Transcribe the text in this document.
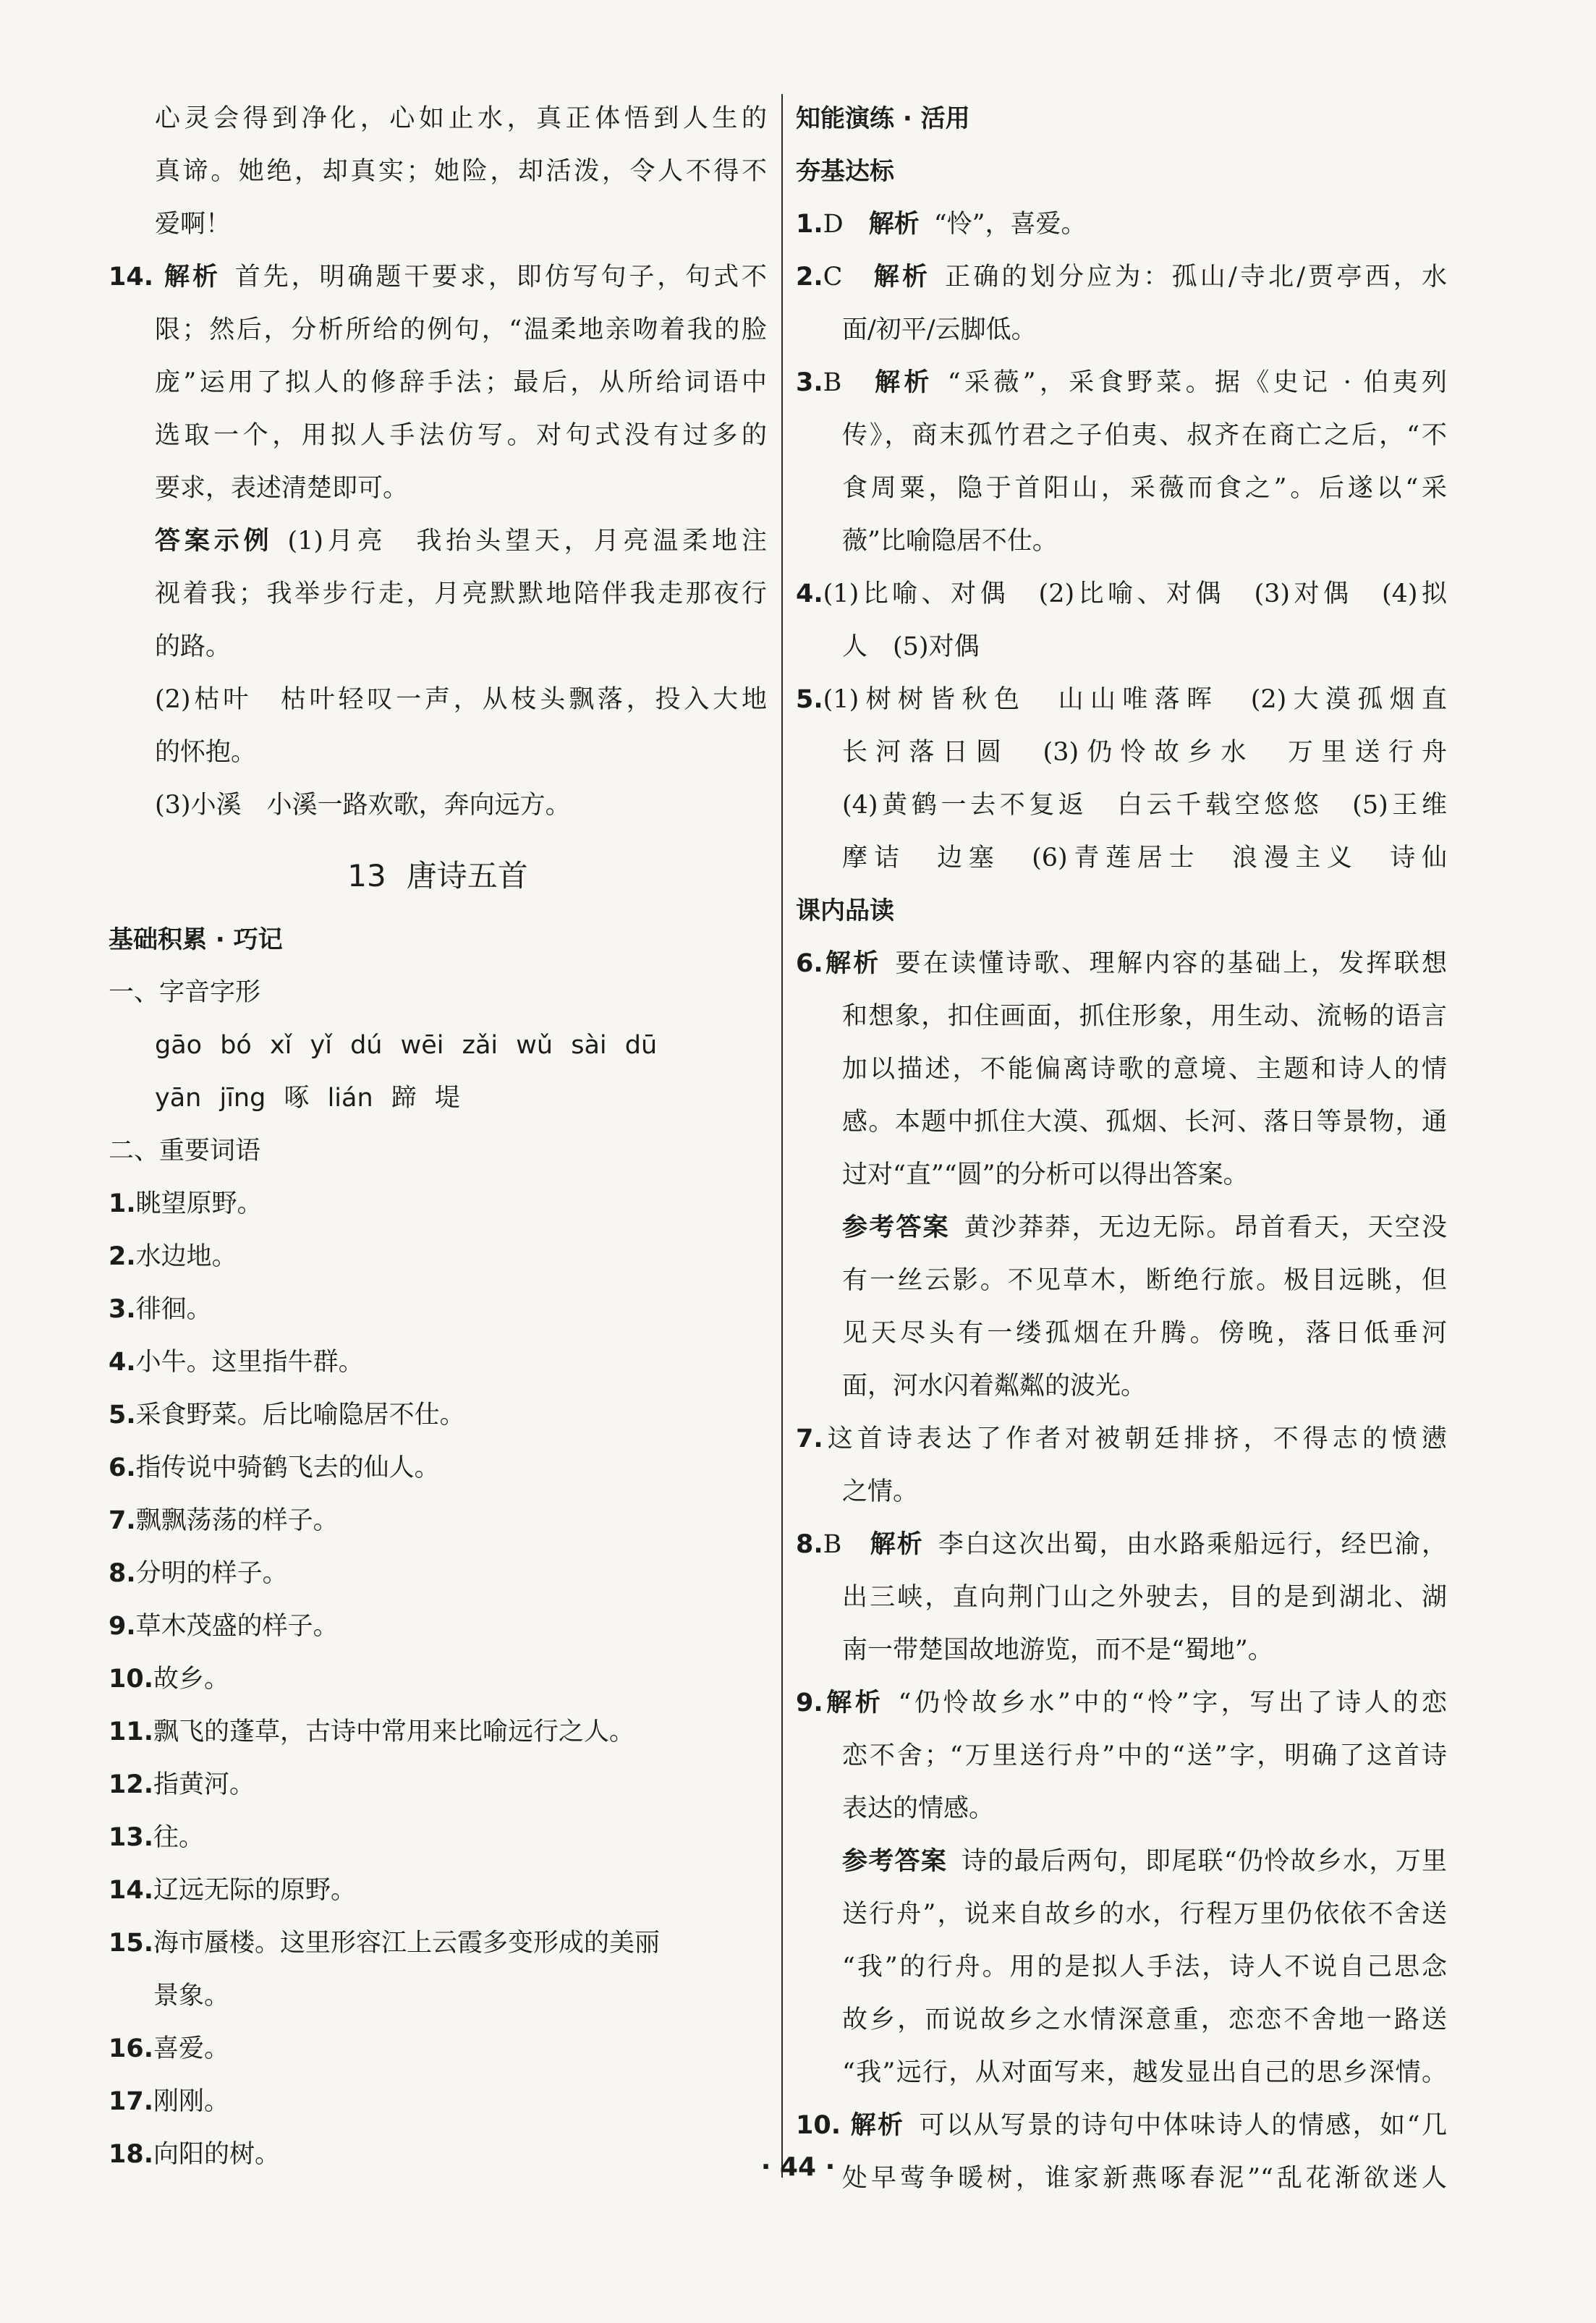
心灵会得到净化，心如止水，真正体悟到人生的

真谛。她绝，却真实；她险，却活泼，令人不得不

爱啊！

14. 解析 首先，明确题干要求，即仿写句子，句式不

限；然后，分析所给的例句，“温柔地亲吻着我的脸

庞”运用了拟人的修辞手法；最后，从所给词语中

选取一个，用拟人手法仿写。对句式没有过多的

要求，表述清楚即可。

答案示例 (1)月亮　我抬头望天，月亮温柔地注

视着我；我举步行走，月亮默默地陪伴我走那夜行

的路。

(2)枯叶　枯叶轻叹一声，从枝头飘落，投入大地

的怀抱。

(3)小溪　小溪一路欢歌，奔向远方。

13 唐诗五首

基础积累 · 巧记

一、字音字形

gāo bó xǐ yǐ dú wēi zǎi wǔ sài dū

yān jīng 啄 lián 蹄 堤

二、重要词语

1.眺望原野。

2.水边地。

3.徘徊。

4.小牛。这里指牛群。

5.采食野菜。后比喻隐居不仕。

6.指传说中骑鹤飞去的仙人。

7.飘飘荡荡的样子。

8.分明的样子。

9.草木茂盛的样子。

10.故乡。

11.飘飞的蓬草，古诗中常用来比喻远行之人。

12.指黄河。

13.往。

14.辽远无际的原野。

15.海市蜃楼。这里形容江上云霞多变形成的美丽

景象。

16.喜爱。

17.刚刚。

18.向阳的树。

知能演练 · 活用

夯基达标

1.D　 解析 “怜”，喜爱。

2.C　 解析 正确的划分应为：孤山/寺北/贾亭西，水

面/初平/云脚低。

3.B　 解析 “采薇”，采食野菜。据《史记 · 伯夷列

传》，商末孤竹君之子伯夷、叔齐在商亡之后，“不

食周粟，隐于首阳山，采薇而食之”。后遂以“采

薇”比喻隐居不仕。

4.(1)比喻、对偶　(2)比喻、对偶　(3)对偶　(4)拟

人　(5)对偶

5.(1)树树皆秋色　山山唯落晖　(2)大漠孤烟直

长河落日圆　(3)仍怜故乡水　万里送行舟

(4)黄鹤一去不复返　白云千载空悠悠　(5)王维

摩诘　边塞　(6)青莲居士　浪漫主义　诗仙

课内品读

6.解析 要在读懂诗歌、理解内容的基础上，发挥联想

和想象，扣住画面，抓住形象，用生动、流畅的语言

加以描述，不能偏离诗歌的意境、主题和诗人的情

感。本题中抓住大漠、孤烟、长河、落日等景物，通

过对“直”“圆”的分析可以得出答案。

参考答案 黄沙莽莽，无边无际。昂首看天，天空没

有一丝云影。不见草木，断绝行旅。极目远眺，但

见天尽头有一缕孤烟在升腾。傍晚，落日低垂河

面，河水闪着粼粼的波光。

7.这首诗表达了作者对被朝廷排挤，不得志的愤懑

之情。

8.B　 解析 李白这次出蜀，由水路乘船远行，经巴渝，

出三峡，直向荆门山之外驶去，目的是到湖北、湖

南一带楚国故地游览，而不是“蜀地”。

9.解析 “仍怜故乡水”中的“怜”字，写出了诗人的恋

恋不舍；“万里送行舟”中的“送”字，明确了这首诗

表达的情感。

参考答案 诗的最后两句，即尾联“仍怜故乡水，万里

送行舟”，说来自故乡的水，行程万里仍依依不舍送

“我”的行舟。用的是拟人手法，诗人不说自己思念

故乡，而说故乡之水情深意重，恋恋不舍地一路送

“我”远行，从对面写来，越发显出自己的思乡深情。

10. 解析 可以从写景的诗句中体味诗人的情感，如“几

处早莺争暖树，谁家新燕啄春泥”“乱花渐欲迷人

· 44 ·
